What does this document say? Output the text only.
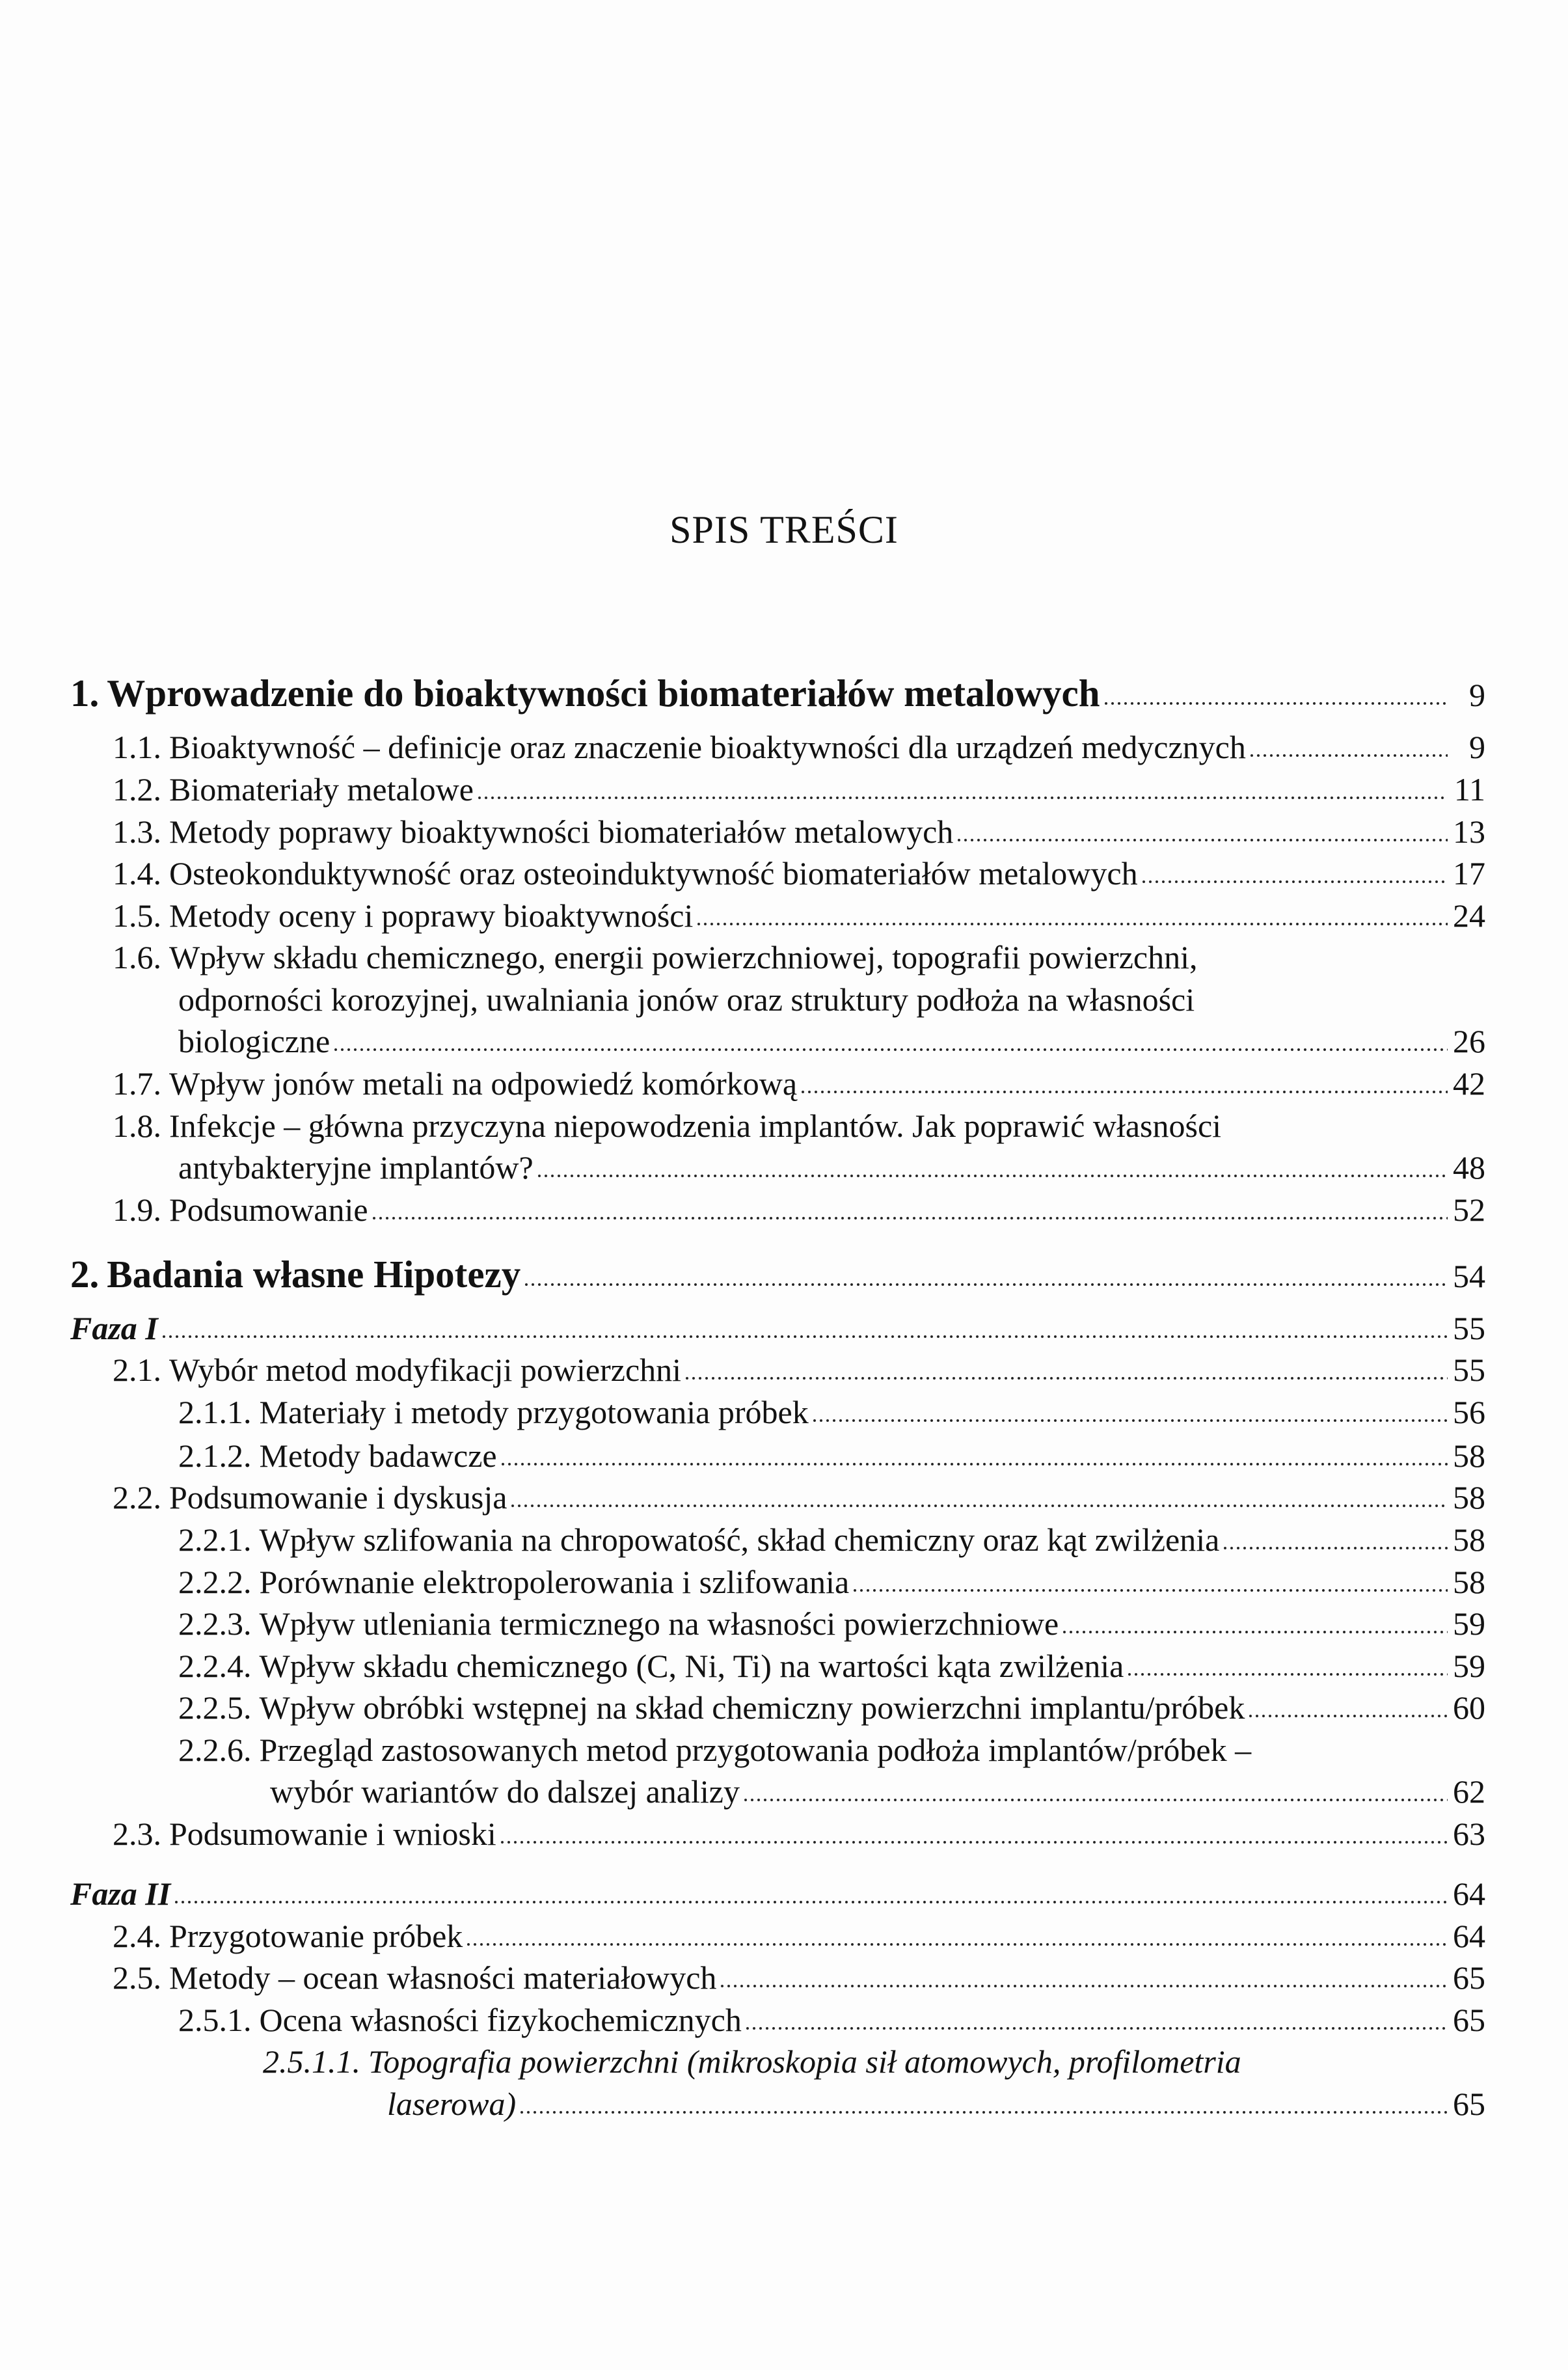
SPIS TREŚCI
1. Wprowadzenie do bioaktywności biomateriałów metalowych	9
1.1. Bioaktywność – definicje oraz znaczenie bioaktywności dla urządzeń medycznych	9
1.2. Biomateriały metalowe	11
1.3. Metody poprawy bioaktywności biomateriałów metalowych	13
1.4. Osteokonduktywność oraz osteoinduktywność biomateriałów metalowych	17
1.5. Metody oceny i poprawy bioaktywności	24
1.6. Wpływ składu chemicznego, energii powierzchniowej, topografii powierzchni,
odporności korozyjnej, uwalniania jonów oraz struktury podłoża na własności
biologiczne	26
1.7. Wpływ jonów metali na odpowiedź komórkową	42
1.8. Infekcje – główna przyczyna niepowodzenia implantów. Jak poprawić własności
antybakteryjne implantów?	48
1.9. Podsumowanie	52
2. Badania własne Hipotezy	54
Faza I	55
2.1. Wybór metod modyfikacji powierzchni	55
2.1.1. Materiały i metody przygotowania próbek	56
2.1.2. Metody badawcze	58
2.2. Podsumowanie i dyskusja	58
2.2.1. Wpływ szlifowania na chropowatość, skład chemiczny oraz kąt zwilżenia	58
2.2.2. Porównanie elektropolerowania i szlifowania	58
2.2.3. Wpływ utleniania termicznego na własności powierzchniowe	59
2.2.4. Wpływ składu chemicznego (C, Ni, Ti) na wartości kąta zwilżenia	59
2.2.5. Wpływ obróbki wstępnej na skład chemiczny powierzchni implantu/próbek	60
2.2.6. Przegląd zastosowanych metod przygotowania podłoża implantów/próbek –
wybór wariantów do dalszej analizy	62
2.3. Podsumowanie i wnioski	63
Faza II	64
2.4. Przygotowanie próbek	64
2.5. Metody – ocean własności materiałowych	65
2.5.1. Ocena własności fizykochemicznych	65
2.5.1.1. Topografia powierzchni (mikroskopia sił atomowych, profilometria
laserowa)	65
